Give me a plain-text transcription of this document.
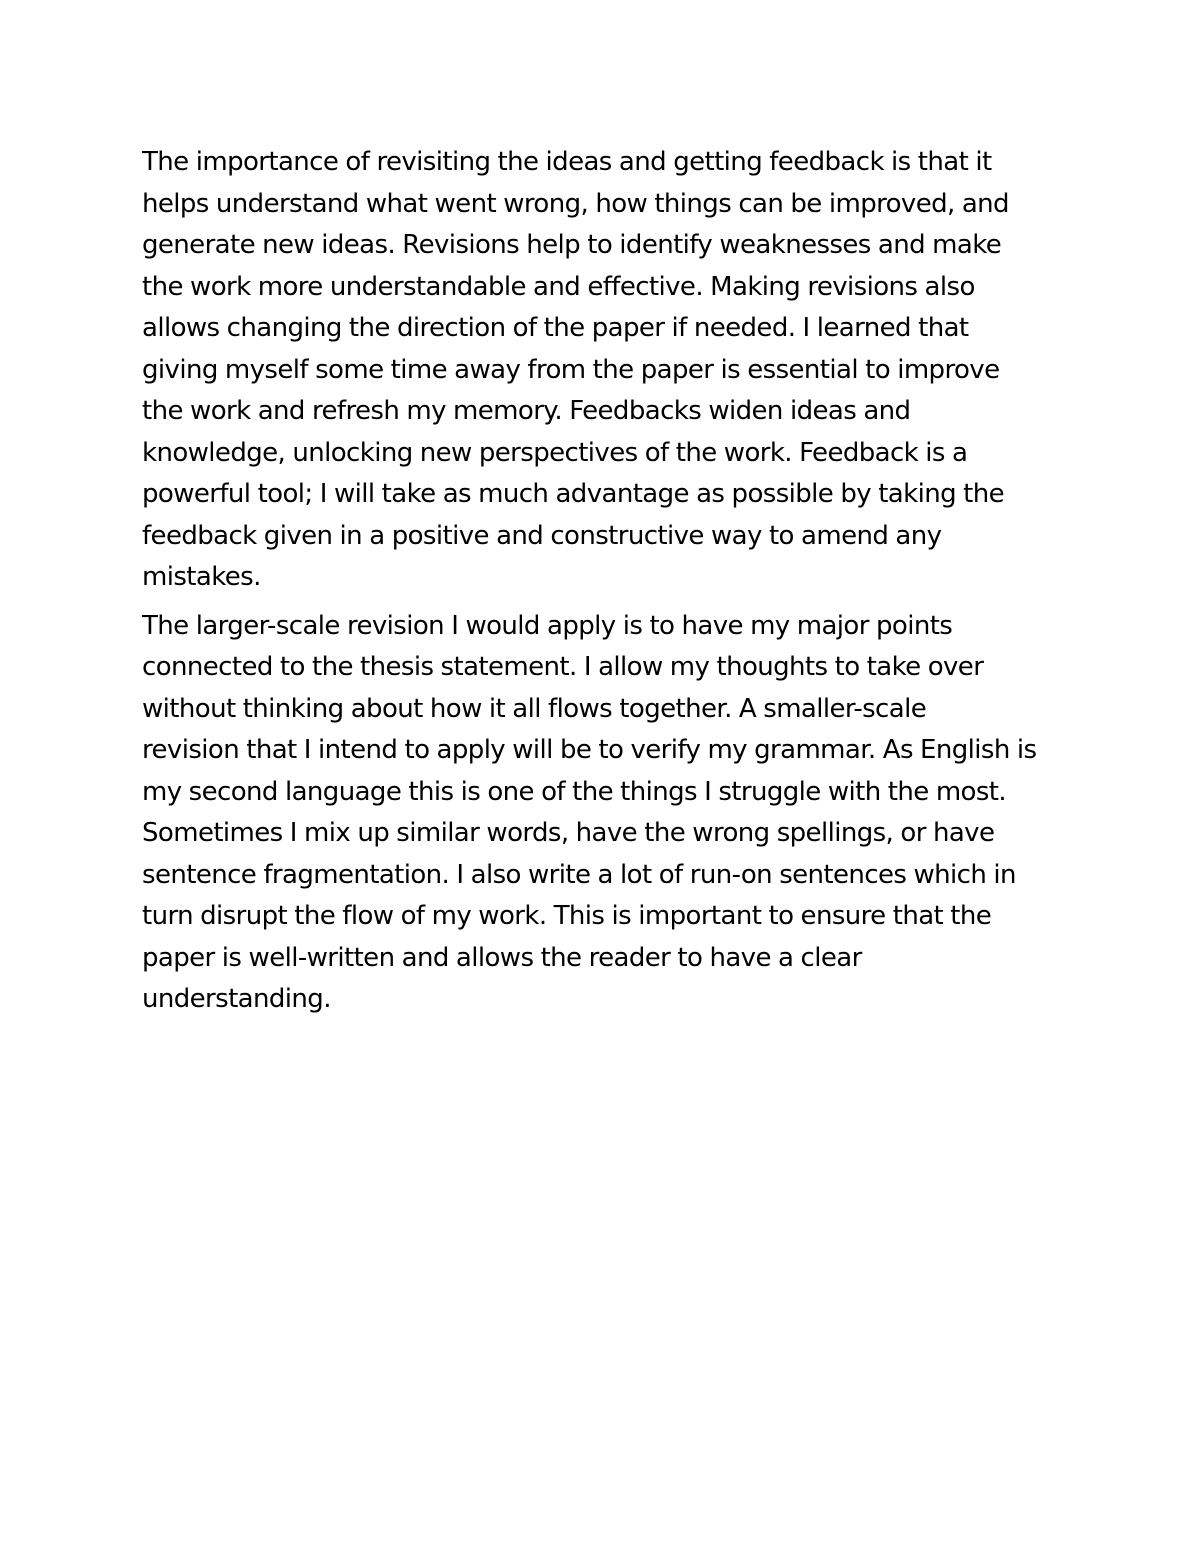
The importance of revisiting the ideas and getting feedback is that it
helps understand what went wrong, how things can be improved, and
generate new ideas. Revisions help to identify weaknesses and make
the work more understandable and effective. Making revisions also
allows changing the direction of the paper if needed. I learned that
giving myself some time away from the paper is essential to improve
the work and refresh my memory. Feedbacks widen ideas and
knowledge, unlocking new perspectives of the work. Feedback is a
powerful tool; I will take as much advantage as possible by taking the
feedback given in a positive and constructive way to amend any
mistakes.
The larger-scale revision I would apply is to have my major points
connected to the thesis statement. I allow my thoughts to take over
without thinking about how it all flows together. A smaller-scale
revision that I intend to apply will be to verify my grammar. As English is
my second language this is one of the things I struggle with the most.
Sometimes I mix up similar words, have the wrong spellings, or have
sentence fragmentation. I also write a lot of run-on sentences which in
turn disrupt the flow of my work. This is important to ensure that the
paper is well-written and allows the reader to have a clear
understanding.
